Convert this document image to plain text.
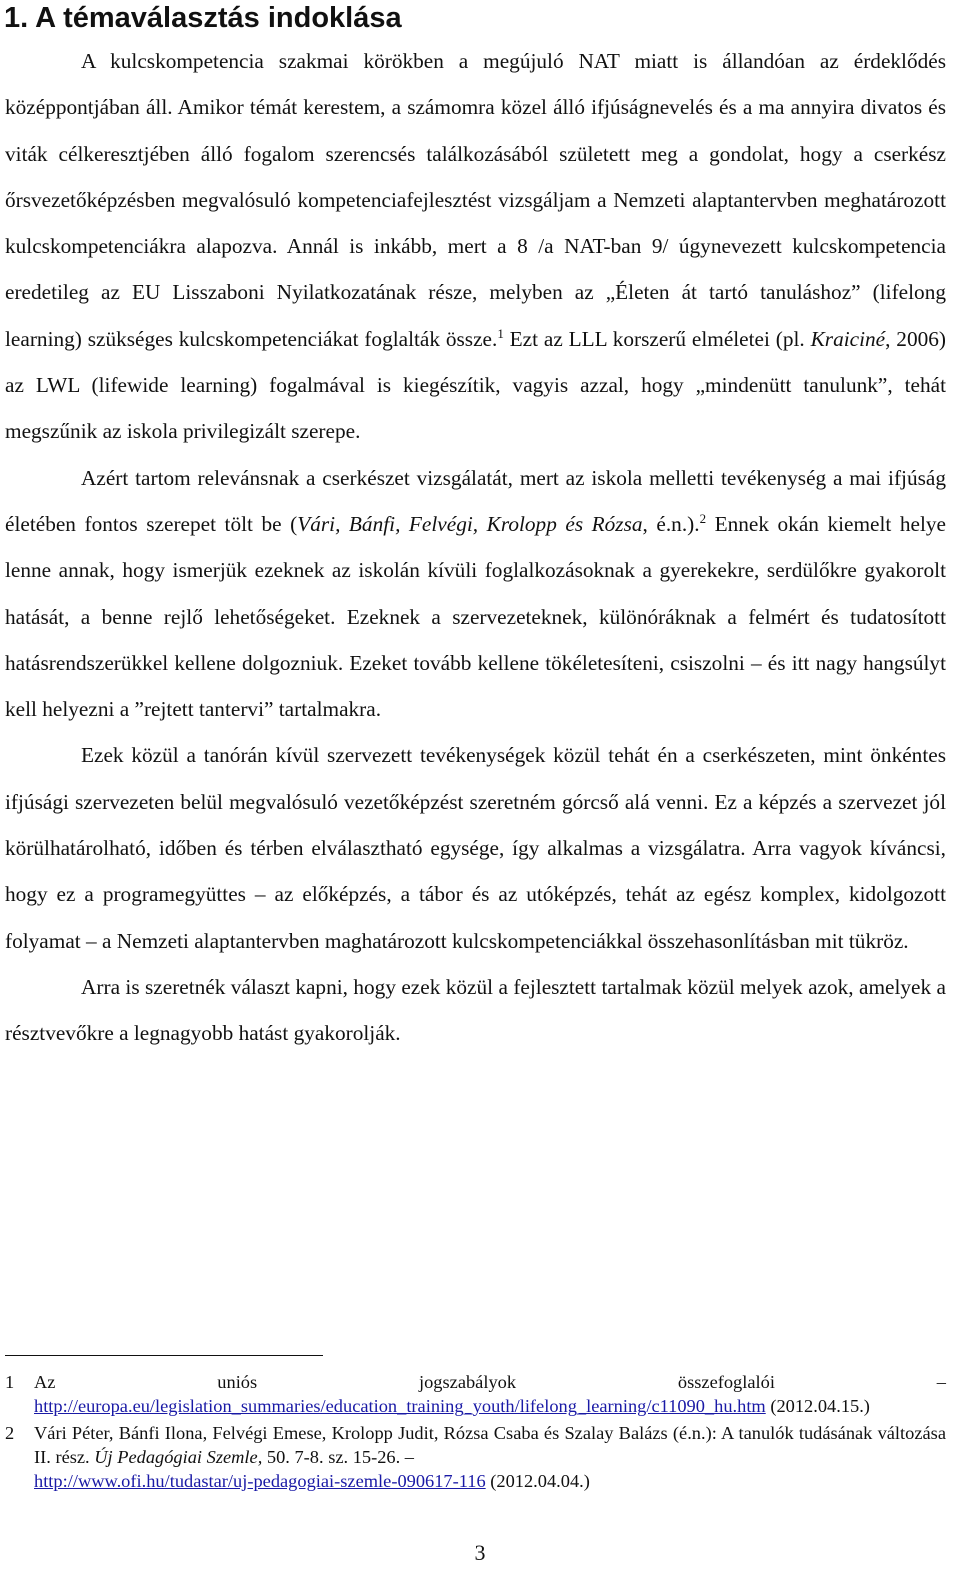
1. A témaválasztás indoklása

A kulcskompetencia szakmai körökben a megújuló NAT miatt is állandóan az érdeklődés középpontjában áll. Amikor témát kerestem, a számomra közel álló ifjúságnevelés és a ma annyira divatos és viták célkeresztjében álló fogalom szerencsés találkozásából született meg a gondolat, hogy a cserkész őrsvezetőképzésben megvalósuló kompetenciafejlesztést vizsgáljam a Nemzeti alaptantervben meghatározott kulcskompetenciákra alapozva. Annál is inkább, mert a 8 /a NAT-ban 9/ úgynevezett kulcskompetencia eredetileg az EU Lisszaboni Nyilatkozatának része, melyben az „Életen át tartó tanuláshoz” (lifelong learning) szükséges kulcskompetenciákat foglalták össze.$^1$ Ezt az LLL korszerű elméletei (pl. Kraiciné, 2006) az LWL (lifewide learning) fogalmával is kiegészítik, vagyis azzal, hogy „mindenütt tanulunk”, tehát megszűnik az iskola privilegizált szerepe.

Azért tartom relevánsnak a cserkészet vizsgálatát, mert az iskola melletti tevékenység a mai ifjúság életében fontos szerepet tölt be (Vári, Bánfi, Felvégi, Krolopp és Rózsa, é.n.).$^2$ Ennek okán kiemelt helye lenne annak, hogy ismerjük ezeknek az iskolán kívüli foglalkozásoknak a gyerekekre, serdülőkre gyakorolt hatását, a benne rejlő lehetőségeket. Ezeknek a szervezeteknek, különóráknak a felmért és tudatosított hatásrendszerükkel kellene dolgozniuk. Ezeket tovább kellene tökéletesíteni, csiszolni – és itt nagy hangsúlyt kell helyezni a ”rejtett tantervi” tartalmakra.

Ezek közül a tanórán kívül szervezett tevékenységek közül tehát én a cserkészeten, mint önkéntes ifjúsági szervezeten belül megvalósuló vezetőképzést szeretném górcső alá venni. Ez a képzés a szervezet jól körülhatárolható, időben és térben elválasztható egysége, így alkalmas a vizsgálatra. Arra vagyok kíváncsi, hogy ez a programegyüttes – az előképzés, a tábor és az utóképzés, tehát az egész komplex, kidolgozott folyamat – a Nemzeti alaptantervben maghatározott kulcskompetenciákkal összehasonlításban mit tükröz.

Arra is szeretnék választ kapni, hogy ezek közül a fejlesztett tartalmak közül melyek azok, amelyek a résztvevőkre a legnagyobb hatást gyakorolják.

1 Az uniós jogszabályok összefoglalói –
http://europa.eu/legislation_summaries/education_training_youth/lifelong_learning/c11090_hu.htm (2012.04.15.)
2 Vári Péter, Bánfi Ilona, Felvégi Emese, Krolopp Judit, Rózsa Csaba és Szalay Balázs (é.n.): A tanulók tudásának változása II. rész. Új Pedagógiai Szemle, 50. 7-8. sz. 15-26. –
http://www.ofi.hu/tudastar/uj-pedagogiai-szemle-090617-116 (2012.04.04.)
3
